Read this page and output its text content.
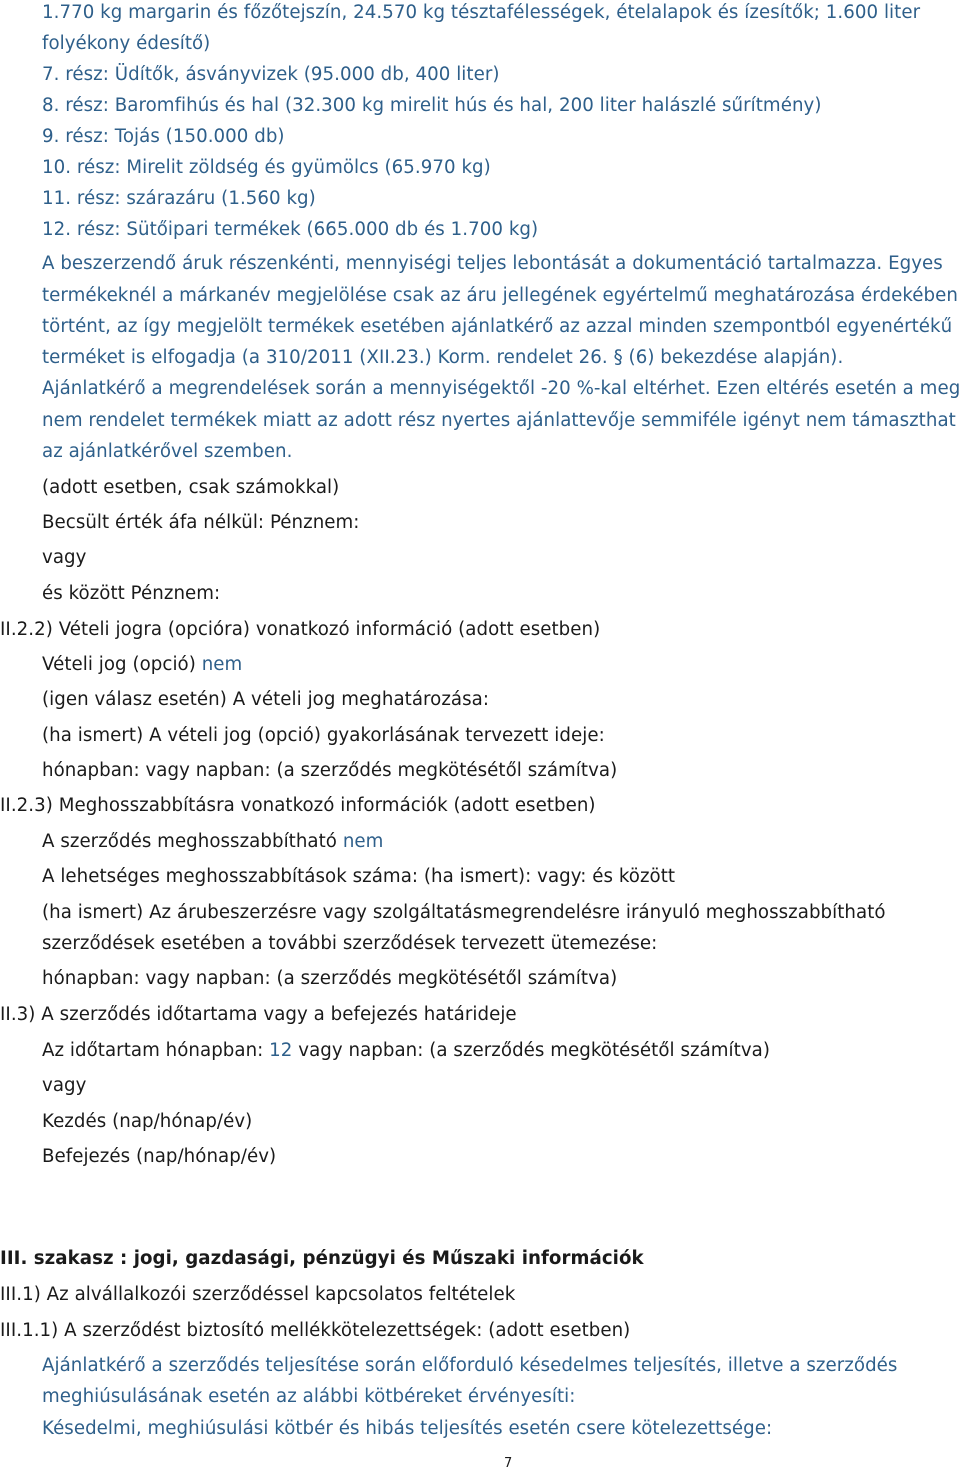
1.770 kg margarin és főzőtejszín, 24.570 kg tésztafélességek, ételalapok és ízesítők; 1.600 liter
folyékony édesítő)
7. rész: Üdítők, ásványvizek (95.000 db, 400 liter)
8. rész: Baromfihús és hal (32.300 kg mirelit hús és hal, 200 liter halászlé sűrítmény)
9. rész: Tojás (150.000 db)
10. rész: Mirelit zöldség és gyümölcs (65.970 kg)
11. rész: szárazáru (1.560 kg)
12. rész: Sütőipari termékek (665.000 db és 1.700 kg)
A beszerzendő áruk részenkénti, mennyiségi teljes lebontását a dokumentáció tartalmazza. Egyes
termékeknél a márkanév megjelölése csak az áru jellegének egyértelmű meghatározása érdekében
történt, az így megjelölt termékek esetében ajánlatkérő az azzal minden szempontból egyenértékű
terméket is elfogadja (a 310/2011 (XII.23.) Korm. rendelet 26. § (6) bekezdése alapján).
Ajánlatkérő a megrendelések során a mennyiségektől -20 %-kal eltérhet. Ezen eltérés esetén a meg
nem rendelet termékek miatt az adott rész nyertes ajánlattevője semmiféle igényt nem támaszthat
az ajánlatkérővel szemben.
(adott esetben, csak számokkal)
Becsült érték áfa nélkül: Pénznem:
vagy
és között Pénznem:
II.2.2) Vételi jogra (opcióra) vonatkozó információ (adott esetben)
Vételi jog (opció) nem
(igen válasz esetén) A vételi jog meghatározása:
(ha ismert) A vételi jog (opció) gyakorlásának tervezett ideje:
hónapban: vagy napban: (a szerződés megkötésétől számítva)
II.2.3) Meghosszabbításra vonatkozó információk (adott esetben)
A szerződés meghosszabbítható nem
A lehetséges meghosszabbítások száma: (ha ismert): vagy: és között
(ha ismert) Az árubeszerzésre vagy szolgáltatásmegrendelésre irányuló meghosszabbítható
szerződések esetében a további szerződések tervezett ütemezése:
hónapban: vagy napban: (a szerződés megkötésétől számítva)
II.3) A szerződés időtartama vagy a befejezés határideje
Az időtartam hónapban: 12 vagy napban: (a szerződés megkötésétől számítva)
vagy
Kezdés (nap/hónap/év)
Befejezés (nap/hónap/év)
III. szakasz : jogi, gazdasági, pénzügyi és Műszaki információk
III.1) Az alvállalkozói szerződéssel kapcsolatos feltételek
III.1.1) A szerződést biztosító mellékkötelezettségek: (adott esetben)
Ajánlatkérő a szerződés teljesítése során előforduló késedelmes teljesítés, illetve a szerződés
meghiúsulásának esetén az alábbi kötbéreket érvényesíti:
Késedelmi, meghiúsulási kötbér és hibás teljesítés esetén csere kötelezettsége:
7
